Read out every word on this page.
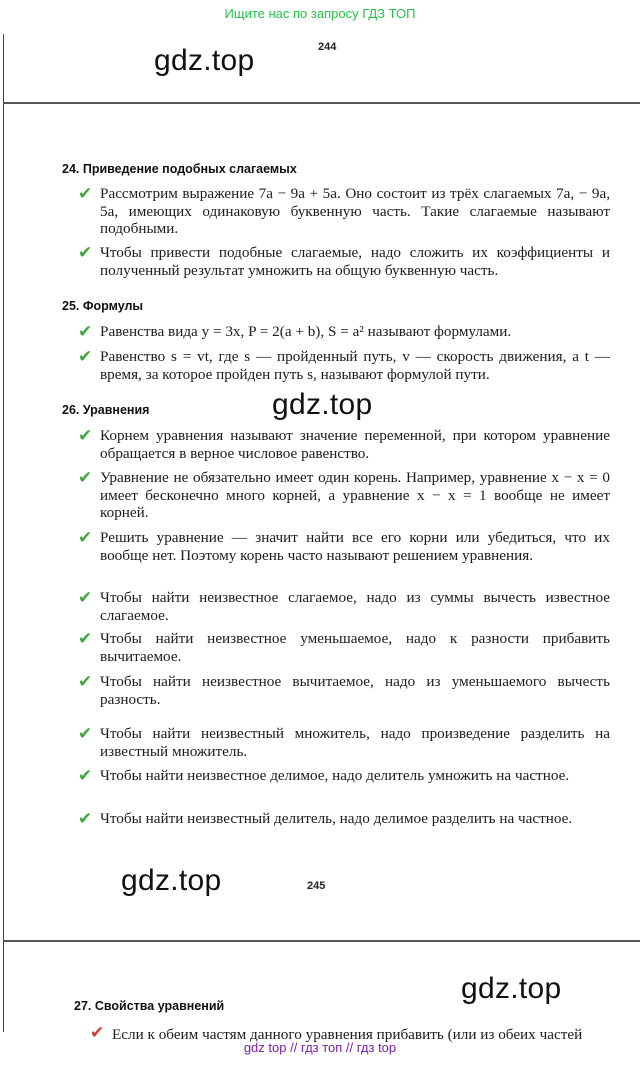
Ищите нас по запросу ГДЗ ТОП
gdz.top	244
24. Приведение подобных слагаемых
✔ Рассмотрим выражение 7a − 9a + 5a. Оно состоит из трёх слагаемых 7a, − 9a, 5a, имеющих одинаковую буквенную часть. Такие слагаемые называют подобными.
✔ Чтобы привести подобные слагаемые, надо сложить их коэффициенты и полученный результат умножить на общую буквенную часть.
25. Формулы
✔ Равенства вида y = 3x, P = 2(a + b), S = a² называют формулами.
✔ Равенство s = vt, где s — пройденный путь, v — скорость движения, а t — время, за которое пройден путь s, называют формулой пути.
26. Уравнения	gdz.top
✔ Корнем уравнения называют значение переменной, при котором уравнение обращается в верное числовое равенство.
✔ Уравнение не обязательно имеет один корень. Например, уравнение x − x = 0 имеет бесконечно много корней, а уравнение x − x = 1 вообще не имеет корней.
✔ Решить уравнение — значит найти все его корни или убедиться, что их вообще нет. Поэтому корень часто называют решением уравнения.
✔ Чтобы найти неизвестное слагаемое, надо из суммы вычесть известное слагаемое.
✔ Чтобы найти неизвестное уменьшаемое, надо к разности прибавить вычитаемое.
✔ Чтобы найти неизвестное вычитаемое, надо из уменьшаемого вычесть разность.
✔ Чтобы найти неизвестный множитель, надо произведение разделить на известный множитель.
✔ Чтобы найти неизвестное делимое, надо делитель умножить на частное.
✔ Чтобы найти неизвестный делитель, надо делимое разделить на частное.
gdz.top	245
gdz.top
27. Свойства уравнений
Если к обеим частям данного уравнения прибавить (или из обеих частей
✔
gdz top // гдз топ // гдз top
